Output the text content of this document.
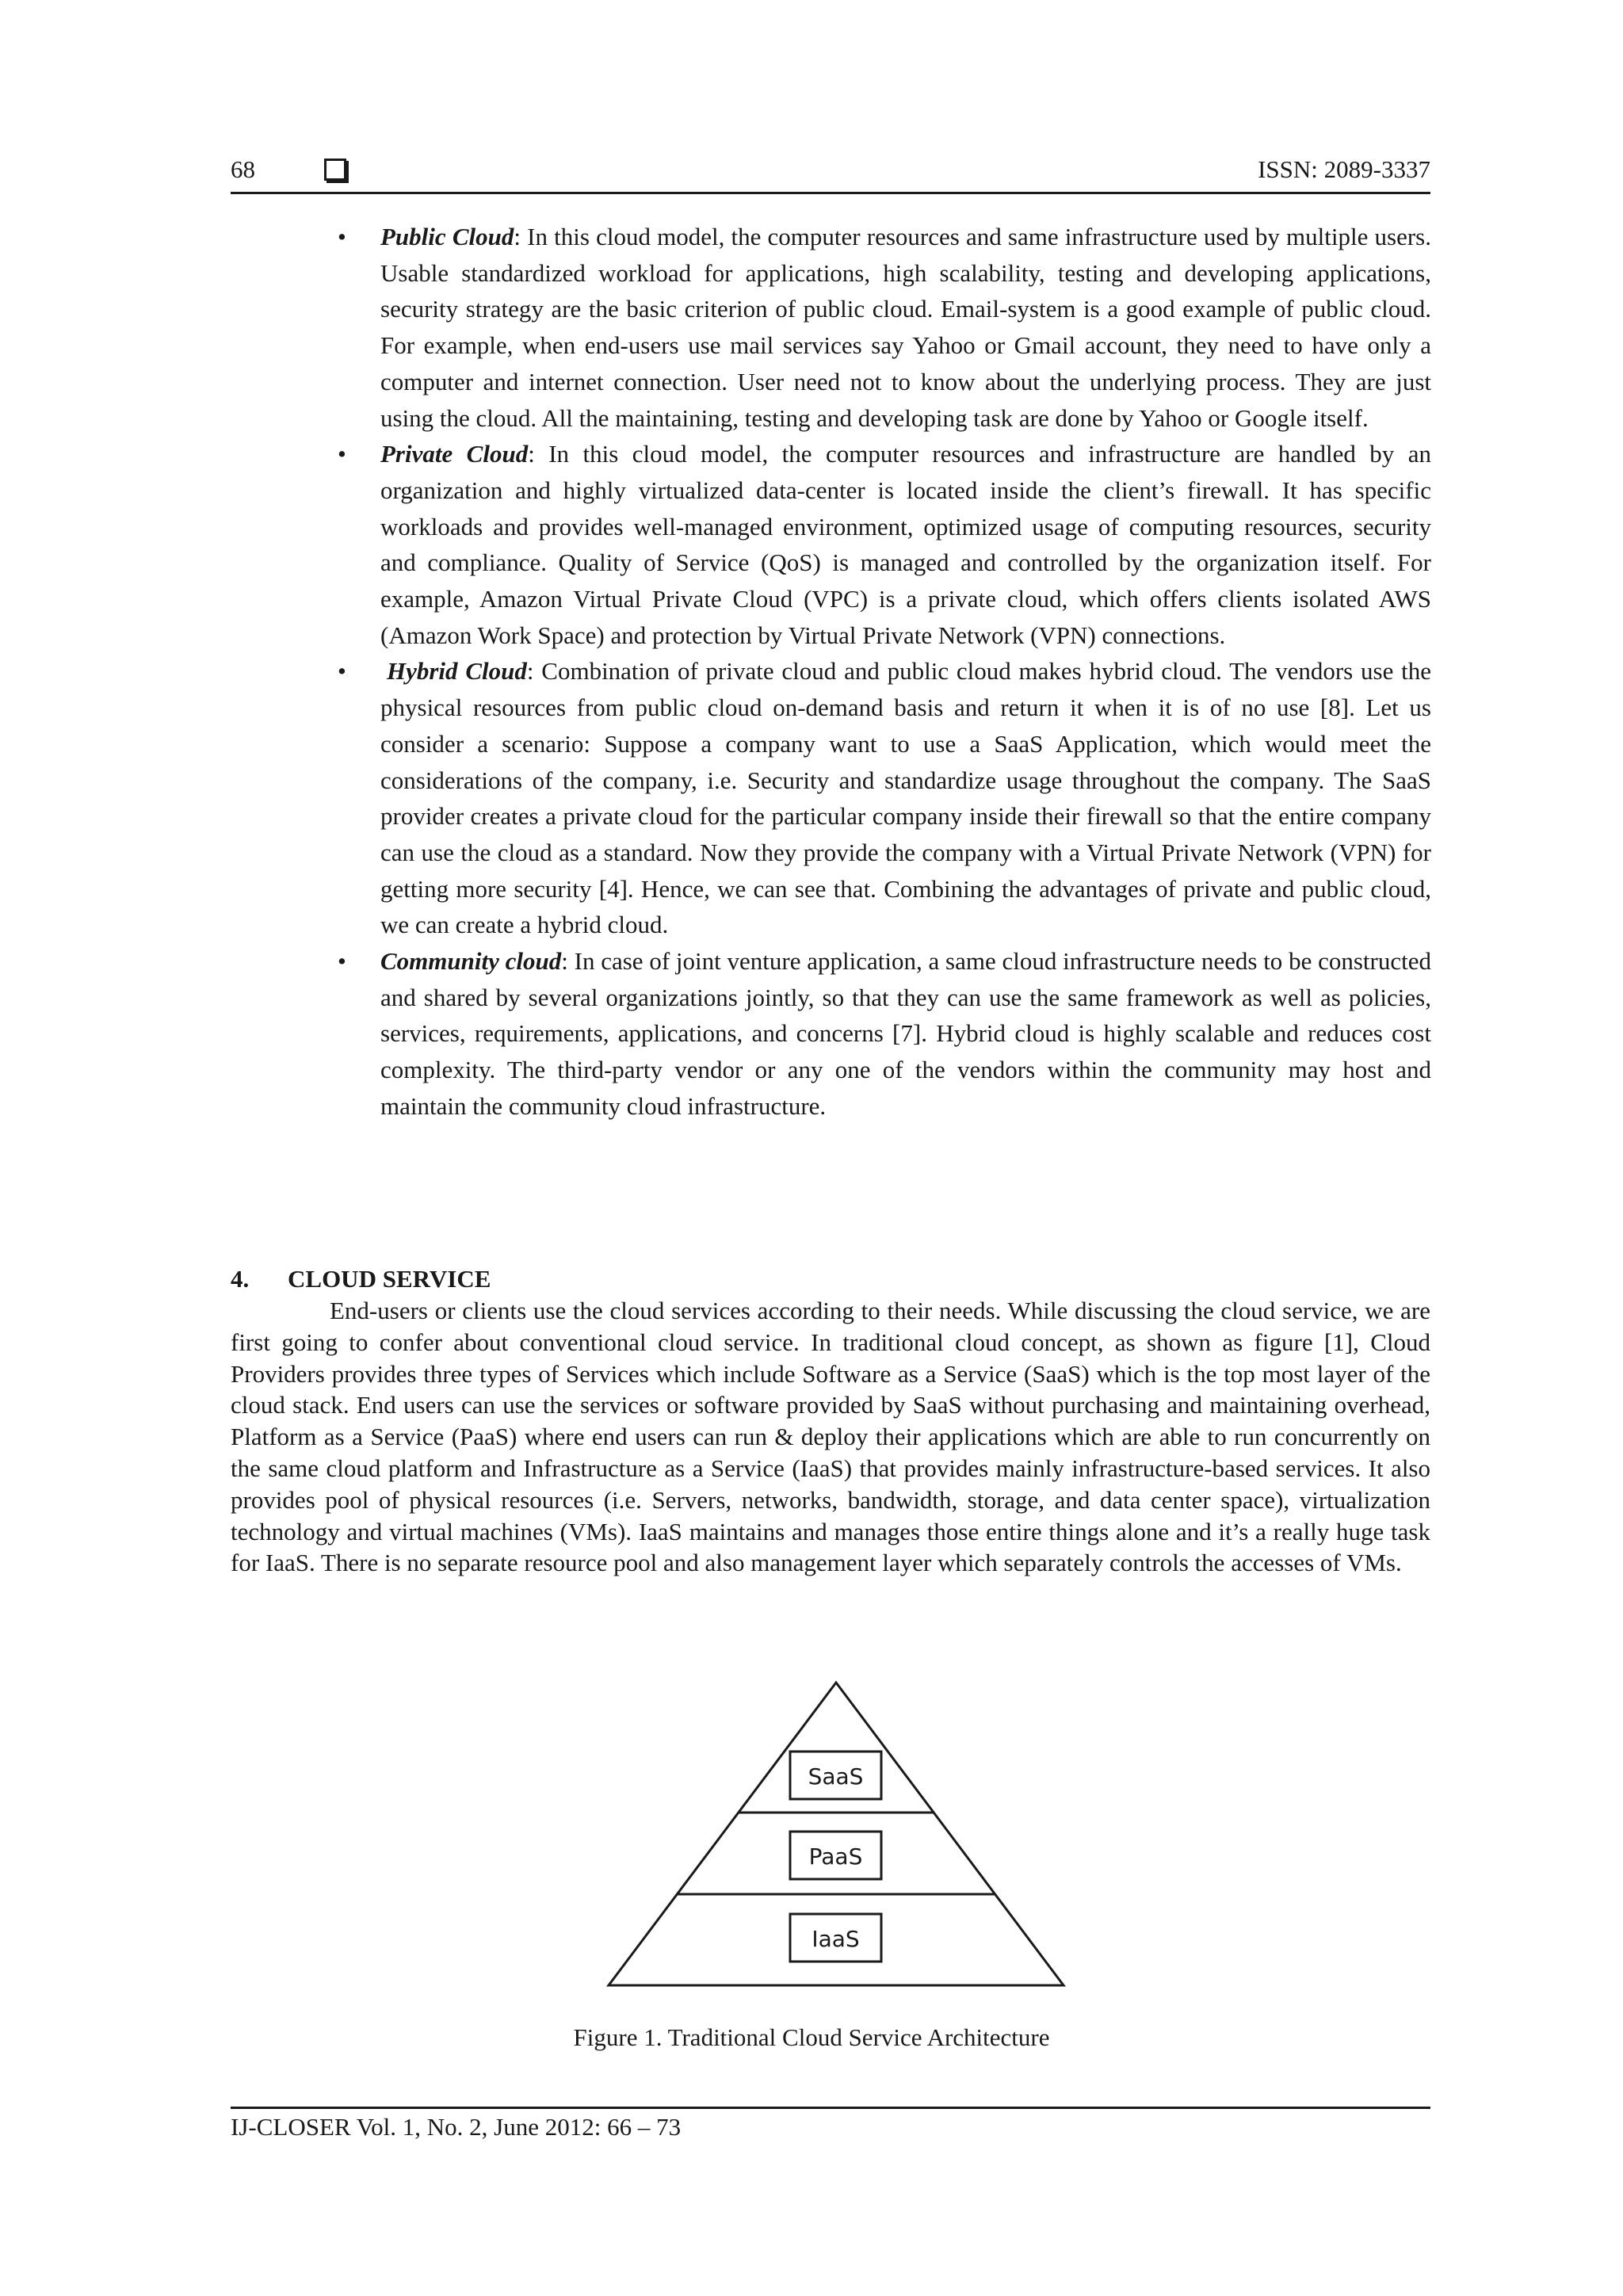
68	ISSN: 2089-3337
• Public Cloud: In this cloud model, the computer resources and same infrastructure used by multiple users. Usable standardized workload for applications, high scalability, testing and developing applications, security strategy are the basic criterion of public cloud. Email-system is a good example of public cloud. For example, when end-users use mail services say Yahoo or Gmail account, they need to have only a computer and internet connection. User need not to know about the underlying process. They are just using the cloud. All the maintaining, testing and developing task are done by Yahoo or Google itself.
• Private Cloud: In this cloud model, the computer resources and infrastructure are handled by an organization and highly virtualized data-center is located inside the client’s firewall. It has specific workloads and provides well-managed environment, optimized usage of computing resources, security and compliance. Quality of Service (QoS) is managed and controlled by the organization itself. For example, Amazon Virtual Private Cloud (VPC) is a private cloud, which offers clients isolated AWS (Amazon Work Space) and protection by Virtual Private Network (VPN) connections.
• Hybrid Cloud: Combination of private cloud and public cloud makes hybrid cloud. The vendors use the physical resources from public cloud on-demand basis and return it when it is of no use [8]. Let us consider a scenario: Suppose a company want to use a SaaS Application, which would meet the considerations of the company, i.e. Security and standardize usage throughout the company. The SaaS provider creates a private cloud for the particular company inside their firewall so that the entire company can use the cloud as a standard. Now they provide the company with a Virtual Private Network (VPN) for getting more security [4]. Hence, we can see that. Combining the advantages of private and public cloud, we can create a hybrid cloud.
• Community cloud: In case of joint venture application, a same cloud infrastructure needs to be constructed and shared by several organizations jointly, so that they can use the same framework as well as policies, services, requirements, applications, and concerns [7]. Hybrid cloud is highly scalable and reduces cost complexity. The third-party vendor or any one of the vendors within the community may host and maintain the community cloud infrastructure.
4. CLOUD SERVICE

End-users or clients use the cloud services according to their needs. While discussing the cloud service, we are first going to confer about conventional cloud service. In traditional cloud concept, as shown as figure [1], Cloud Providers provides three types of Services which include Software as a Service (SaaS) which is the top most layer of the cloud stack. End users can use the services or software provided by SaaS without purchasing and maintaining overhead, Platform as a Service (PaaS) where end users can run & deploy their applications which are able to run concurrently on the same cloud platform and Infrastructure as a Service (IaaS) that provides mainly infrastructure-based services. It also provides pool of physical resources (i.e. Servers, networks, bandwidth, storage, and data center space), virtualization technology and virtual machines (VMs). IaaS maintains and manages those entire things alone and it’s a really huge task for IaaS. There is no separate resource pool and also management layer which separately controls the accesses of VMs.

SaaS
PaaS
IaaS
Figure 1. Traditional Cloud Service Architecture
IJ-CLOSER Vol. 1, No. 2, June 2012: 66 – 73
